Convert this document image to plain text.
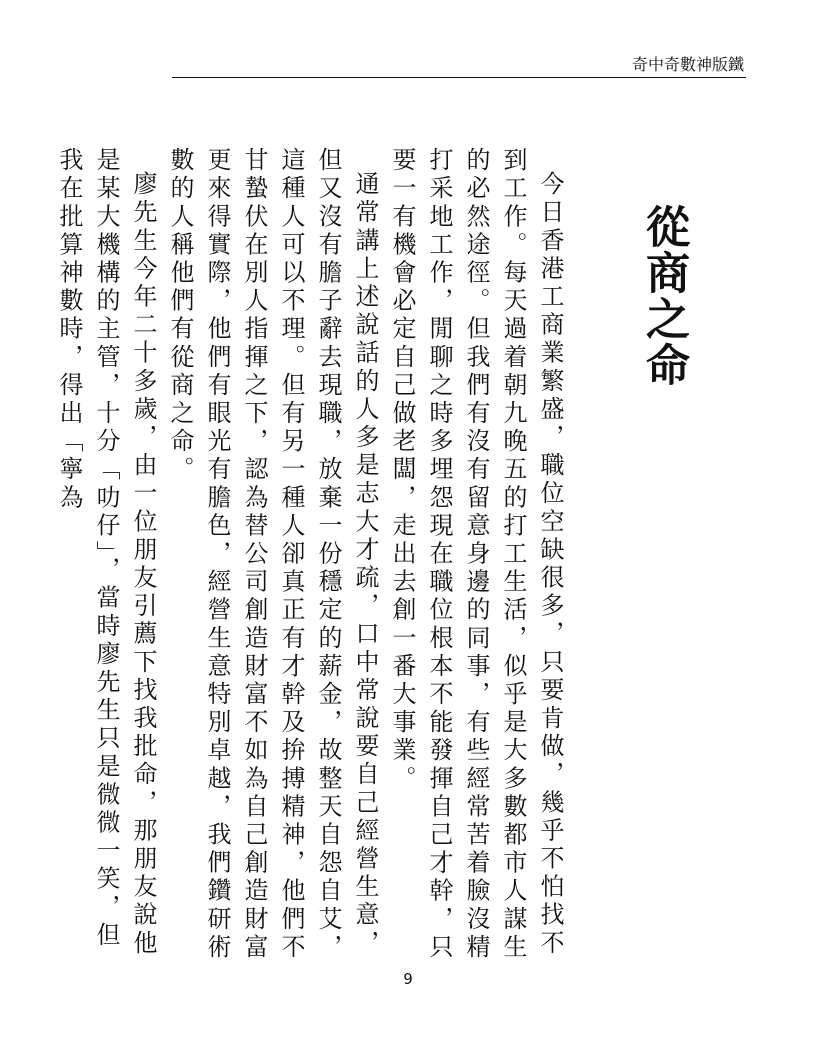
奇中奇數神版鐵
從商之命

今日香港工商業繁盛，職位空缺很多，只要肯做，幾乎不怕找不到工作。每天過着朝九晚五的打工生活，似乎是大多數都市人謀生的必然途徑。但我們有沒有留意身邊的同事，有些經常苦着臉沒精打采地工作，閒聊之時多埋怨現在職位根本不能發揮自己才幹，只要一有機會必定自己做老闆，走出去創一番大事業。

通常講上述說話的人多是志大才疏，口中常說要自己經營生意，但又沒有膽子辭去現職，放棄一份穩定的薪金，故整天自怨自艾，這種人可以不理。但有另一種人卻真正有才幹及拚搏精神，他們不甘蟄伏在別人指揮之下，認為替公司創造財富不如為自己創造財富更來得實際，他們有眼光有膽色，經營生意特別卓越，我們鑽研術數的人稱他們有從商之命。

廖先生今年二十多歲，由一位朋友引薦下找我批命，那朋友說他是某大機構的主管，十分「叻仔」，當時廖先生只是微微一笑，但我在批算神數時，得出「寧為

9
